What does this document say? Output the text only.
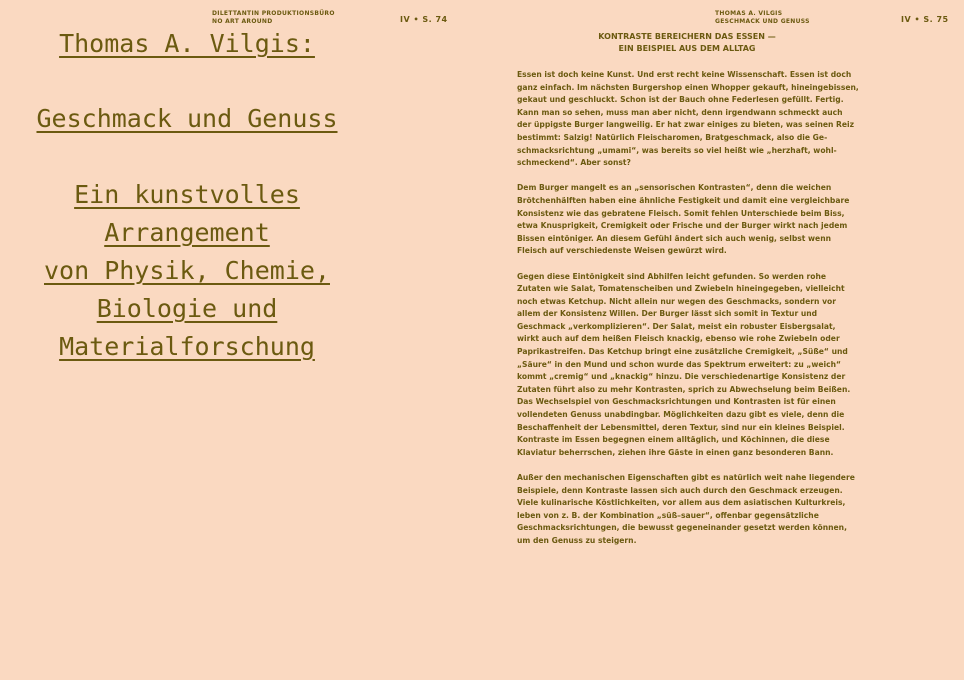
DILETTANTIN PRODUKTIONSBÜRO
NO ART AROUND	IV • S. 74
Thomas A. Vilgis:
Geschmack und Genuss
Ein kunstvolles
Arrangement
von Physik, Chemie,
Biologie und
Materialforschung
THOMAS A. VILGIS
GESCHMACK UND GENUSS	IV • S. 75
KONTRASTE BEREICHERN DAS ESSEN —
EIN BEISPIEL AUS DEM ALLTAG

Essen ist doch keine Kunst. Und erst recht keine Wissenschaft. Essen ist doch ganz einfach. Im nächsten Burgershop einen Whopper gekauft, hineingebissen, gekaut und geschluckt. Schon ist der Bauch ohne Federlesen gefüllt. Fertig. Kann man so sehen, muss man aber nicht, denn irgendwann schmeckt auch der üppigste Burger langweilig. Er hat zwar einiges zu bieten, was seinen Reiz bestimmt: Salzig! Natürlich Fleischaromen, Bratgeschmack, also die Geschmacksrichtung „umami“, was bereits so viel heißt wie „herzhaft, wohlschmeckend“. Aber sonst?

Dem Burger mangelt es an „sensorischen Kontrasten“, denn die weichen Brötchenhälften haben eine ähnliche Festigkeit und damit eine vergleichbare Konsistenz wie das gebratene Fleisch. Somit fehlen Unterschiede beim Biss, etwa Knusprigkeit, Cremigkeit oder Frische und der Burger wirkt nach jedem Bissen eintöniger. An diesem Gefühl ändert sich auch wenig, selbst wenn Fleisch auf verschiedenste Weisen gewürzt wird.

Gegen diese Eintönigkeit sind Abhilfen leicht gefunden. So werden rohe Zutaten wie Salat, Tomatenscheiben und Zwiebeln hineingegeben, vielleicht noch etwas Ketchup. Nicht allein nur wegen des Geschmacks, sondern vor allem der Konsistenz Willen. Der Burger lässt sich somit in Textur und Geschmack „verkomplizieren“. Der Salat, meist ein robuster Eisbergsalat, wirkt auch auf dem heißen Fleisch knackig, ebenso wie rohe Zwiebeln oder Paprikastreifen. Das Ketchup bringt eine zusätzliche Cremigkeit, „Süße“ und „Säure“ in den Mund und schon wurde das Spektrum erweitert: zu „weich“ kommt „cremig“ und „knackig“ hinzu. Die verschiedenartige Konsistenz der Zutaten führt also zu mehr Kontrasten, sprich zu Abwechselung beim Beißen. Das Wechselspiel von Geschmacksrichtungen und Kontrasten ist für einen vollendeten Genuss unabdingbar. Möglichkeiten dazu gibt es viele, denn die Beschaffenheit der Lebensmittel, deren Textur, sind nur ein kleines Beispiel. Kontraste im Essen begegnen einem alltäglich, und Köchinnen, die diese Klaviatur beherrschen, ziehen ihre Gäste in einen ganz besonderen Bann.

Außer den mechanischen Eigenschaften gibt es natürlich weit nahe liegendere Beispiele, denn Kontraste lassen sich auch durch den Geschmack erzeugen. Viele kulinarische Köstlichkeiten, vor allem aus dem asiatischen Kulturkreis, leben von z. B. der Kombination „süß–sauer“, offenbar gegensätzliche Geschmacksrichtungen, die bewusst gegeneinander gesetzt werden können, um den Genuss zu steigern.
